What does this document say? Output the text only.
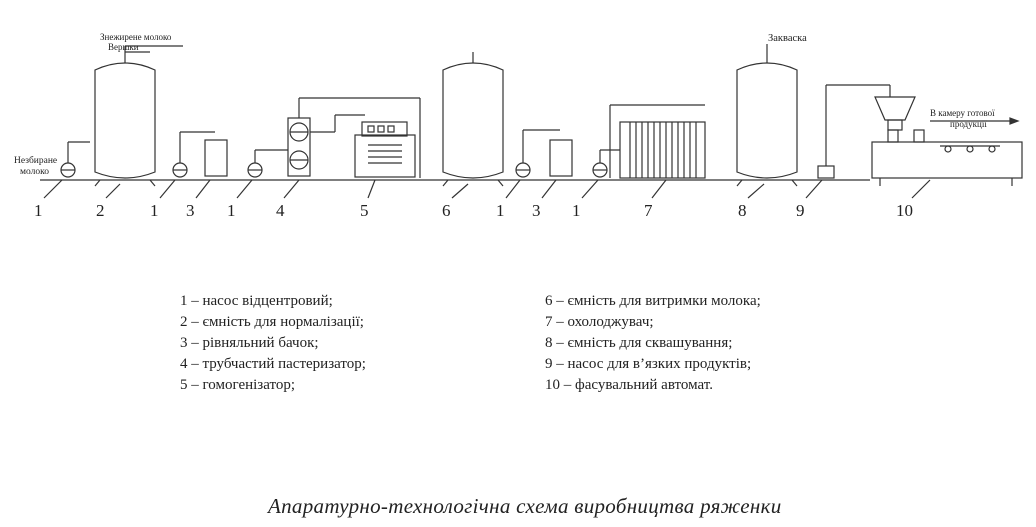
Незбиране
молоко
Знежирене молоко
Вершки
Закваска
В камеру готової
продукції
1	2	1 3 1 4	5	6	1 3 1	7	8	9	10
1 – насос відцентровий;
2 – ємність для нормалізації;
3 – рівняльний бачок;
4 – трубчастий пастеризатор;
5 – гомогенізатор;
6 – ємність для витримки молока;
7 – охолоджувач;
8 – ємність для сквашування;
9 – насос для в’язких продуктів;
10 – фасувальний автомат.
Апаратурно-технологічна схема виробництва ряженки
